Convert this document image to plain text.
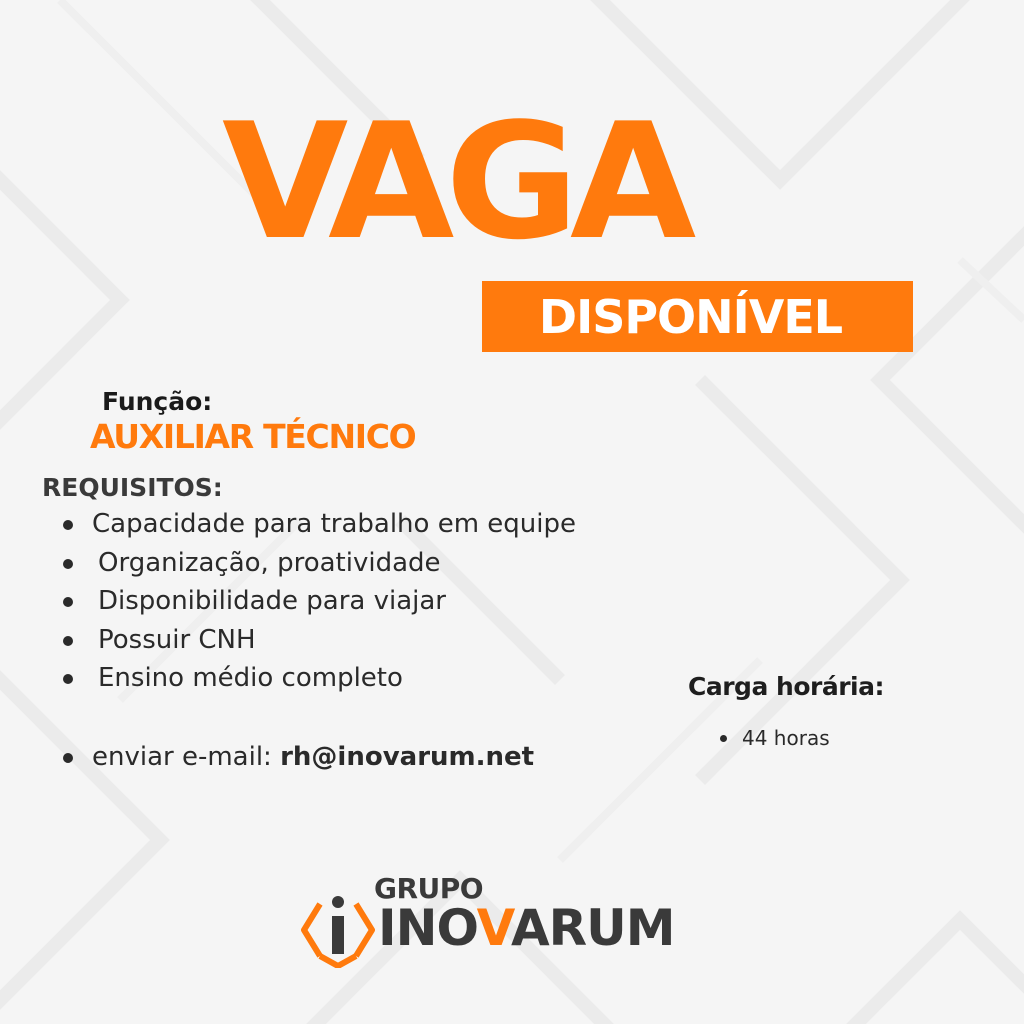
VAGA
DISPONÍVEL
Função:
AUXILIAR TÉCNICO
REQUISITOS:
Capacidade para trabalho em equipe
Organização, proatividade
Disponibilidade para viajar
Possuir CNH
Ensino médio completo
enviar e-mail: rh@inovarum.net
Carga horária:
44 horas
GRUPO
INOVARUM
